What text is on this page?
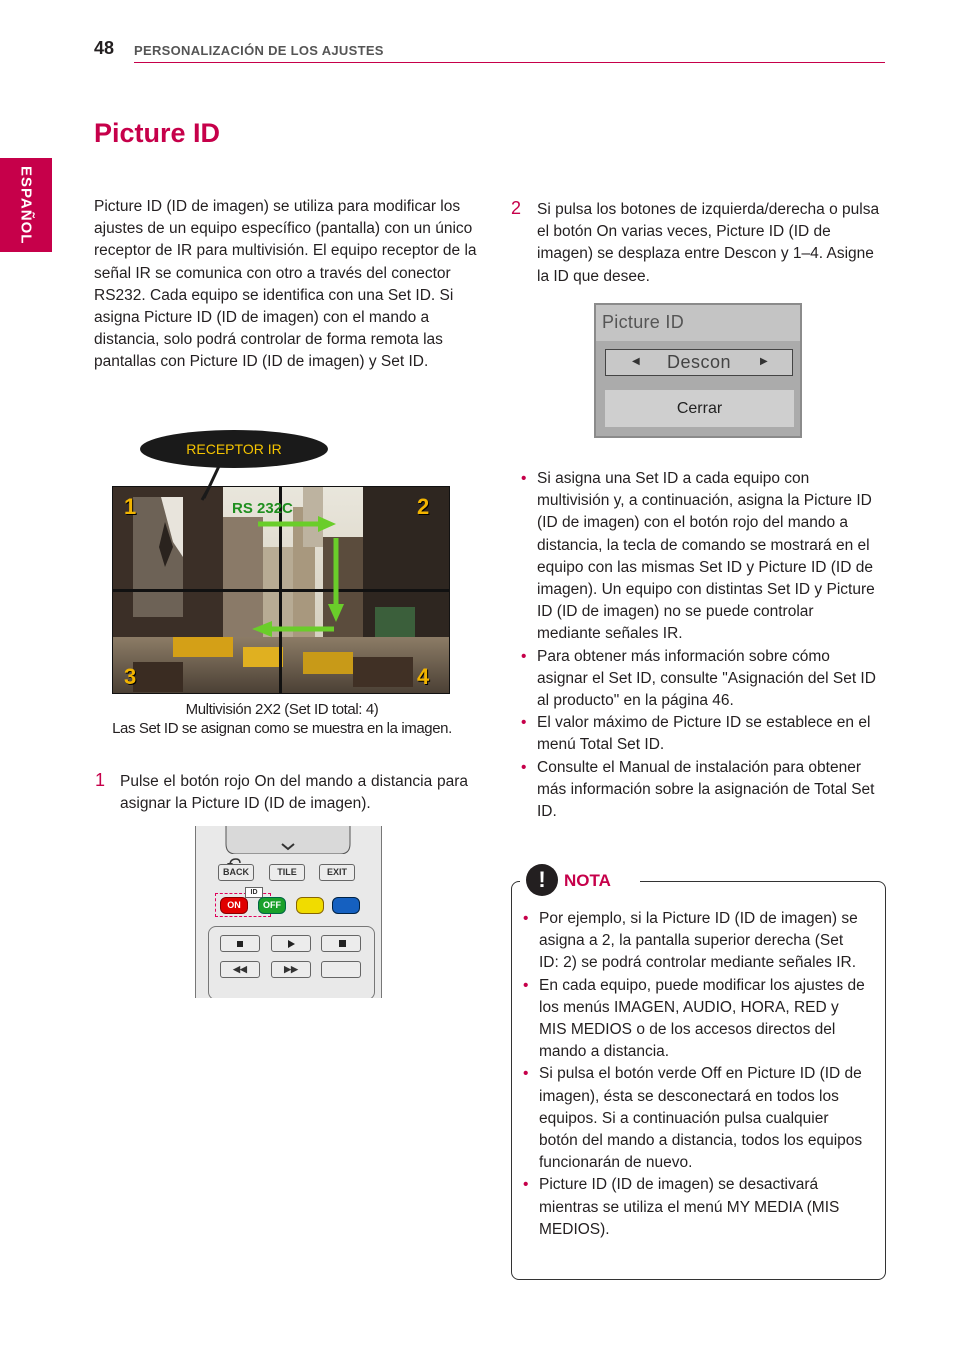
48 PERSONALIZACIÓN DE LOS AJUSTES
ESPAÑOL
Picture ID
Picture ID (ID de imagen) se utiliza para modificar los ajustes de un equipo específico (pantalla) con un único receptor de IR para multivisión. El equipo receptor de la señal IR se comunica con otro a través del conector RS232. Cada equipo se identifica con una Set ID. Si asigna Picture ID (ID de imagen) con el mando a distancia, solo podrá controlar de forma remota las pantallas con Picture ID (ID de imagen) y Set ID.
RS 232C
1	2
3	4
RECEPTOR IR
Multivisión 2X2 (Set ID total: 4)
Las Set ID se asignan como se muestra en la imagen.
1 Pulse el botón rojo On del mando a distancia para asignar la Picture ID (ID de imagen).
BACK	TILE	EXIT
ID
ON	OFF
◀◀	▶▶
2 Si pulsa los botones de izquierda/derecha o pulsa el botón On varias veces, Picture ID (ID de imagen) se desplaza entre Descon y 1–4. Asigne la ID que desee.
Picture ID
Descon
◀	▶
Cerrar
• Si asigna una Set ID a cada equipo con multivisión y, a continuación, asigna la Picture ID (ID de imagen) con el botón rojo del mando a distancia, la tecla de comando se mostrará en el equipo con las mismas Set ID y Picture ID (ID de imagen). Un equipo con distintas Set ID y Picture ID (ID de imagen) no se puede controlar mediante señales IR.
• Para obtener más información sobre cómo asignar el Set ID, consulte "Asignación del Set ID al producto" en la página 46.
• El valor máximo de Picture ID se establece en el menú Total Set ID.
• Consulte el Manual de instalación para obtener más información sobre la asignación de Total Set ID.
!	NOTA
• Por ejemplo, si la Picture ID (ID de imagen) se asigna a 2, la pantalla superior derecha (Set ID: 2) se podrá controlar mediante señales IR.
• En cada equipo, puede modificar los ajustes de los menús IMAGEN, AUDIO, HORA, RED y MIS MEDIOS o de los accesos directos del mando a distancia.
• Si pulsa el botón verde Off en Picture ID (ID de imagen), ésta se desconectará en todos los equipos. Si a continuación pulsa cualquier botón del mando a distancia, todos los equipos funcionarán de nuevo.
• Picture ID (ID de imagen) se desactivará mientras se utiliza el menú MY MEDIA (MIS MEDIOS).
